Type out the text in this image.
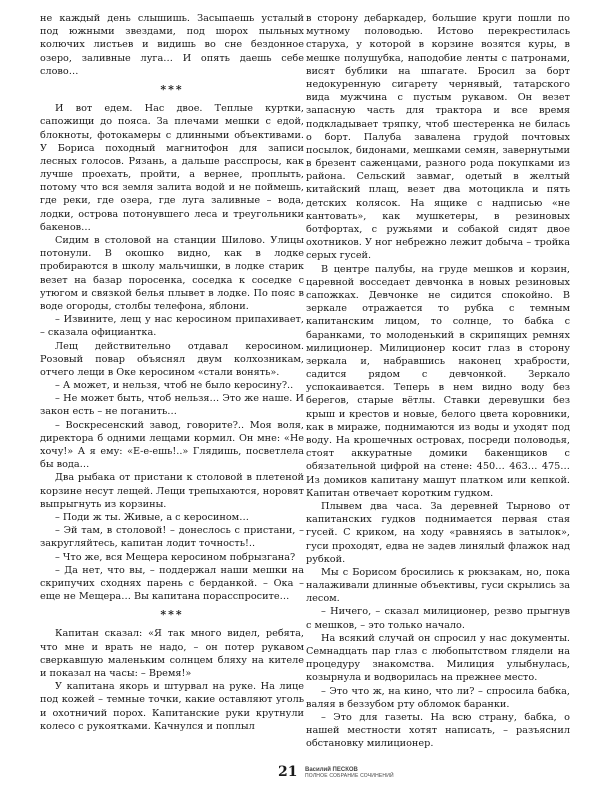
не каждый день слышишь. Засыпаешь усталый под южными звездами, под шорох пыльных колючих листьев и видишь во сне бездонное озеро, заливные луга… И опять даешь себе слово…

***

И вот едем. Нас двое. Теплые куртки, сапожищи до пояса. За плечами мешки с едой, блокноты, фотокамеры с длинными объективами. У Бориса походный магнитофон для записи лесных голосов. Рязань, а дальше расспросы, как лучше проехать, пройти, а вернее, проплыть, потому что вся земля залита водой и не поймешь, где реки, где озера, где луга заливные – вода, лодки, острова потонувшего леса и треугольники бакенов…

Сидим в столовой на станции Шилово. Улицы потонули. В окошко видно, как в лодке пробираются в школу мальчишки, в лодке старик везет на базар поросенка, соседка к соседке с утюгом и связкой белья плывет в лодке. По пояс в воде огороды, столбы телефона, яблони.

– Извините, лещ у нас керосином припахивает, – сказала официантка.

Лещ действительно отдавал керосином. Розовый повар объяснял двум колхозникам, отчего лещи в Оке керосином «стали вонять».

– А может, и нельзя, чтоб не было керосину?..

– Не может быть, чтоб нельзя… Это же наше. И закон есть – не поганить…

– Воскресенский завод, говорите?.. Моя воля, директора б одними лещами кормил. Он мне: «Не хочу!» А я ему: «Е-е-ешь!..» Глядишь, посветлела бы вода…

Два рыбака от пристани к столовой в плетеной корзине несут лещей. Лещи трепыхаются, норовят выпрыгнуть из корзины.

– Поди ж ты. Живые, а с керосином…

– Эй там, в столовой! – донеслось с пристани, – закругляйтесь, капитан лодит точность!..

– Что же, вся Мещера керосином побрызгана?

– Да нет, что вы, – поддержал наши мешки на скрипучих сходнях парень с берданкой. – Ока – еще не Мещера… Вы капитана порасспросите…

***

Капитан сказал: «Я так много видел, ребята, что мне и врать не надо, – он потер рукавом сверкавшую маленьким солнцем бляху на кителе и показал на часы: – Время!»

У капитана якорь и штурвал на руке. На лице под кожей – темные точки, какие оставляют уголь и охотничий порох. Капитанские руки крутнули колесо с рукоятками. Качнулся и поплыл

в сторону дебаркадер, большие круги пошли по мутному половодью. Истово перекрестилась старуха, у которой в корзине возятся куры, в мешке полушубка, наподобие ленты с патронами, висят бублики на шпагате. Бросил за борт недокуренную сигарету чернявый, татарского вида мужчина с пустым рукавом. Он везет запасную часть для трактора и все время подкладывает тряпку, чтоб шестеренка не билась о борт. Палуба завалена грудой почтовых посылок, бидонами, мешками семян, завернутыми в брезент саженцами, разного рода покупками из района. Сельский завмаг, одетый в желтый китайский плащ, везет два мотоцикла и пять детских колясок. На ящике с надписью «не кантовать», как мушкетеры, в резиновых ботфортах, с ружьями и собакой сидят двое охотников. У ног небрежно лежит добыча – тройка серых гусей.

В центре палубы, на груде мешков и корзин, царевной восседает девчонка в новых резиновых сапожках. Девчонке не сидится спокойно. В зеркале отражается то рубка с темным капитанским лицом, то солнце, то бабка с баранками, то молоденький в скрипящих ремнях милиционер. Милиционер косит глаз в сторону зеркала и, набравшись наконец храбрости, садится рядом с девчонкой. Зеркало успокаивается. Теперь в нем видно воду без берегов, старые вётлы. Ставки деревушки без крыш и крестов и новые, белого цвета коровники, как в мираже, поднимаются из воды и уходят под воду. На крошечных островах, посреди половодья, стоят аккуратные домики бакенщиков с обязательной цифрой на стене: 450… 463… 475… Из домиков капитану машут платком или кепкой. Капитан отвечает коротким гудком.

Плывем два часа. За деревней Тырново от капитанских гудков поднимается первая стая гусей. С криком, на ходу «равняясь в затылок», гуси проходят, едва не задев линялый флажок над рубкой.

Мы с Борисом бросились к рюкзакам, но, пока налаживали длинные объективы, гуси скрылись за лесом.

– Ничего, – сказал милиционер, резво прыгнув с мешков, – это только начало.

На всякий случай он спросил у нас документы. Семнадцать пар глаз с любопытством глядели на процедуру знакомства. Милиция улыбнулась, козырнула и водворилась на прежнее место.

– Это что ж, на кино, что ли? – спросила бабка, валяя в беззубом рту обломок баранки.

– Это для газеты. На всю страну, бабка, о нашей местности хотят написать, – разъяснил обстановку милиционер.

21 Василий ПЕСКОВ
ПОЛНОЕ СОБРАНИЕ СОЧИНЕНИЙ
